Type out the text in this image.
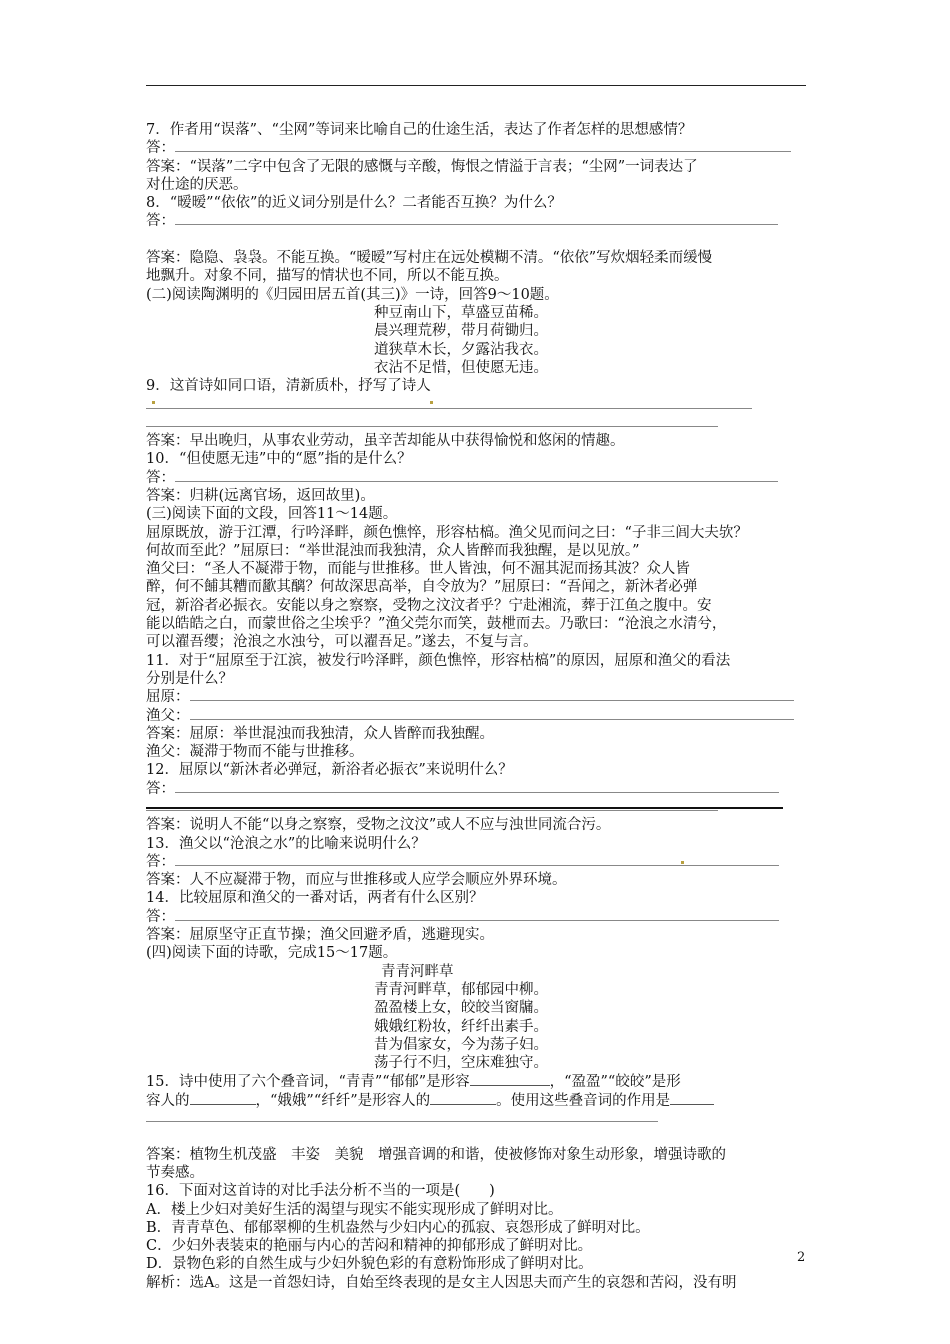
7．作者用“误落”、“尘网”等词来比喻自己的仕途生活，表达了作者怎样的思想感情？
答：
答案：“误落”二字中包含了无限的感慨与辛酸，悔恨之情溢于言表；“尘网”一词表达了
对仕途的厌恶。
8．“暧暧”“依依”的近义词分别是什么？二者能否互换？为什么？
答：
答案：隐隐、袅袅。不能互换。“暧暧”写村庄在远处模糊不清。“依依”写炊烟轻柔而缓慢
地飘升。对象不同，描写的情状也不同，所以不能互换。
(二)阅读陶渊明的《归园田居五首(其三)》一诗，回答9～10题。
种豆南山下，草盛豆苗稀。
晨兴理荒秽，带月荷锄归。
道狭草木长，夕露沾我衣。
衣沾不足惜，但使愿无违。
9．这首诗如同口语，清新质朴，抒写了诗人
答案：早出晚归，从事农业劳动，虽辛苦却能从中获得愉悦和悠闲的情趣。
10．“但使愿无违”中的“愿”指的是什么？
答：
答案：归耕(远离官场，返回故里)。
(三)阅读下面的文段，回答11～14题。
屈原既放，游于江潭，行吟泽畔，颜色憔悴，形容枯槁。渔父见而问之曰：“子非三闾大夫欤？
何故而至此？”屈原曰：“举世混浊而我独清，众人皆醉而我独醒，是以见放。”
渔父曰：“圣人不凝滞于物，而能与世推移。世人皆浊，何不淈其泥而扬其波？众人皆
醉，何不餔其糟而歠其醨？何故深思高举，自令放为？”屈原曰：“吾闻之，新沐者必弹
冠，新浴者必振衣。安能以身之察察，受物之汶汶者乎？宁赴湘流，葬于江鱼之腹中。安
能以皓皓之白，而蒙世俗之尘埃乎？”渔父莞尔而笑，鼓枻而去。乃歌曰：“沧浪之水清兮，
可以濯吾缨；沧浪之水浊兮，可以濯吾足。”遂去，不复与言。
11．对于“屈原至于江滨，被发行吟泽畔，颜色憔悴，形容枯槁”的原因，屈原和渔父的看法
分别是什么？
屈原：
渔父：
答案：屈原：举世混浊而我独清，众人皆醉而我独醒。
渔父：凝滞于物而不能与世推移。
12．屈原以“新沐者必弹冠，新浴者必振衣”来说明什么？
答：
答案：说明人不能“以身之察察，受物之汶汶”或人不应与浊世同流合污。
13．渔父以“沧浪之水”的比喻来说明什么？
答：
答案：人不应凝滞于物，而应与世推移或人应学会顺应外界环境。
14．比较屈原和渔父的一番对话，两者有什么区别？
答：
答案：屈原坚守正直节操；渔父回避矛盾，逃避现实。
(四)阅读下面的诗歌，完成15～17题。
青青河畔草
青青河畔草，郁郁园中柳。
盈盈楼上女，皎皎当窗牖。
娥娥红粉妆，纤纤出素手。
昔为倡家女，今为荡子妇。
荡子行不归，空床难独守。
15．诗中使用了六个叠音词，“青青”“郁郁”是形容	，“盈盈”“皎皎”是形
容人的	，“娥娥”“纤纤”是形容人的	。使用这些叠音词的作用是
答案：植物生机茂盛　丰姿　美貌　增强音调的和谐，使被修饰对象生动形象，增强诗歌的
节奏感。
16．下面对这首诗的对比手法分析不当的一项是(　　)
A．楼上少妇对美好生活的渴望与现实不能实现形成了鲜明对比。
B．青青草色、郁郁翠柳的生机盎然与少妇内心的孤寂、哀怨形成了鲜明对比。
C．少妇外表装束的艳丽与内心的苦闷和精神的抑郁形成了鲜明对比。
D．景物色彩的自然生成与少妇外貌色彩的有意粉饰形成了鲜明对比。
解析：选A。这是一首怨妇诗，自始至终表现的是女主人因思夫而产生的哀怨和苦闷，没有明
2
